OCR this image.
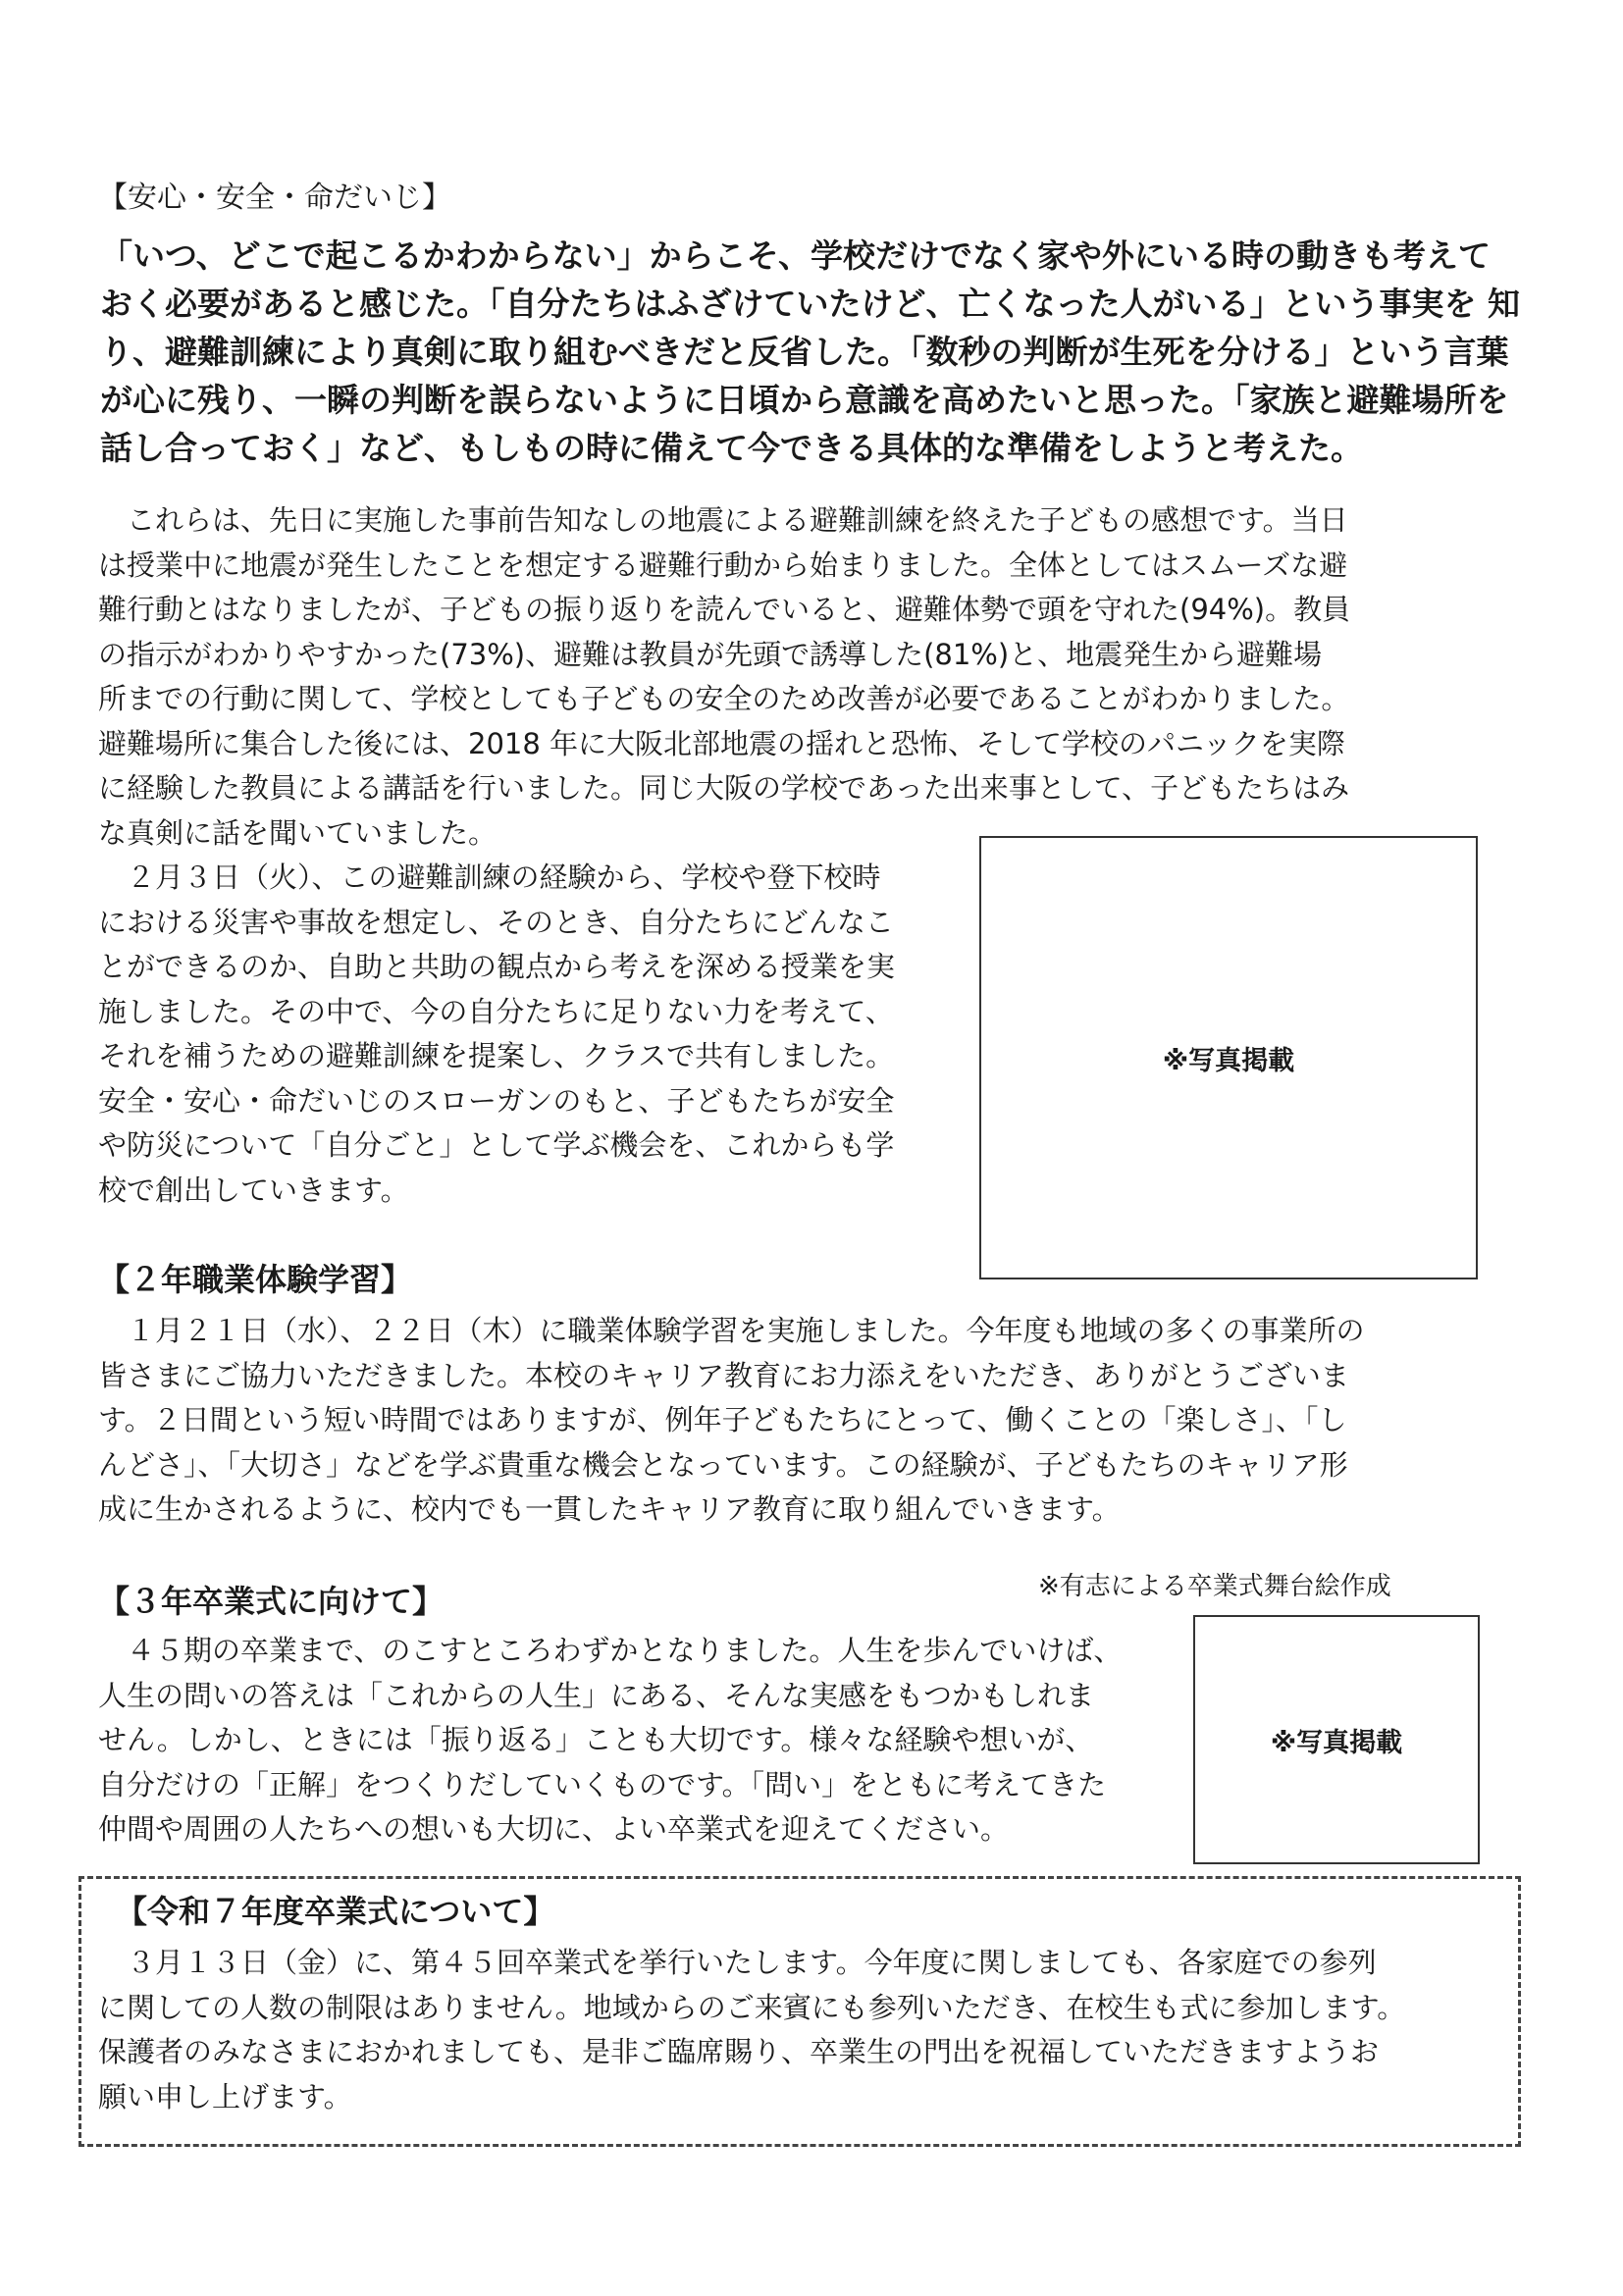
【安心・安全・命だいじ】
「いつ、どこで起こるかわからない」からこそ、学校だけでなく家や外にいる時の動きも考えて
おく必要があると感じた。「自分たちはふざけていたけど、亡くなった人がいる」という事実を 知
り、避難訓練により真剣に取り組むべきだと反省した。「数秒の判断が生死を分ける」という言葉
が心に残り、一瞬の判断を誤らないように日頃から意識を高めたいと思った。「家族と避難場所を
話し合っておく」など、もしもの時に備えて今できる具体的な準備をしようと考えた。
　これらは、先日に実施した事前告知なしの地震による避難訓練を終えた子どもの感想です。当日
は授業中に地震が発生したことを想定する避難行動から始まりました。全体としてはスムーズな避
難行動とはなりましたが、子どもの振り返りを読んでいると、避難体勢で頭を守れた(94%)。教員
の指示がわかりやすかった(73%)、避難は教員が先頭で誘導した(81%)と、地震発生から避難場
所までの行動に関して、学校としても子どもの安全のため改善が必要であることがわかりました。
避難場所に集合した後には、2018 年に大阪北部地震の揺れと恐怖、そして学校のパニックを実際
に経験した教員による講話を行いました。同じ大阪の学校であった出来事として、子どもたちはみ
な真剣に話を聞いていました。
　２月３日（火）、この避難訓練の経験から、学校や登下校時
における災害や事故を想定し、そのとき、自分たちにどんなこ
とができるのか、自助と共助の観点から考えを深める授業を実
施しました。その中で、今の自分たちに足りない力を考えて、
それを補うための避難訓練を提案し、クラスで共有しました。
安全・安心・命だいじのスローガンのもと、子どもたちが安全
や防災について「自分ごと」として学ぶ機会を、これからも学
校で創出していきます。
※写真掲載
【２年職業体験学習】
　１月２１日（水）、２２日（木）に職業体験学習を実施しました。今年度も地域の多くの事業所の
皆さまにご協力いただきました。本校のキャリア教育にお力添えをいただき、ありがとうございま
す。２日間という短い時間ではありますが、例年子どもたちにとって、働くことの「楽しさ」、「し
んどさ」、「大切さ」などを学ぶ貴重な機会となっています。この経験が、子どもたちのキャリア形
成に生かされるように、校内でも一貫したキャリア教育に取り組んでいきます。
※有志による卒業式舞台絵作成
【３年卒業式に向けて】
　４５期の卒業まで、のこすところわずかとなりました。人生を歩んでいけば、
人生の問いの答えは「これからの人生」にある、そんな実感をもつかもしれま
せん。しかし、ときには「振り返る」ことも大切です。様々な経験や想いが、
自分だけの「正解」をつくりだしていくものです。「問い」をともに考えてきた
仲間や周囲の人たちへの想いも大切に、よい卒業式を迎えてください。
※写真掲載
【令和７年度卒業式について】
　３月１３日（金）に、第４５回卒業式を挙行いたします。今年度に関しましても、各家庭での参列
に関しての人数の制限はありません。地域からのご来賓にも参列いただき、在校生も式に参加します。
保護者のみなさまにおかれましても、是非ご臨席賜り、卒業生の門出を祝福していただきますようお
願い申し上げます。
